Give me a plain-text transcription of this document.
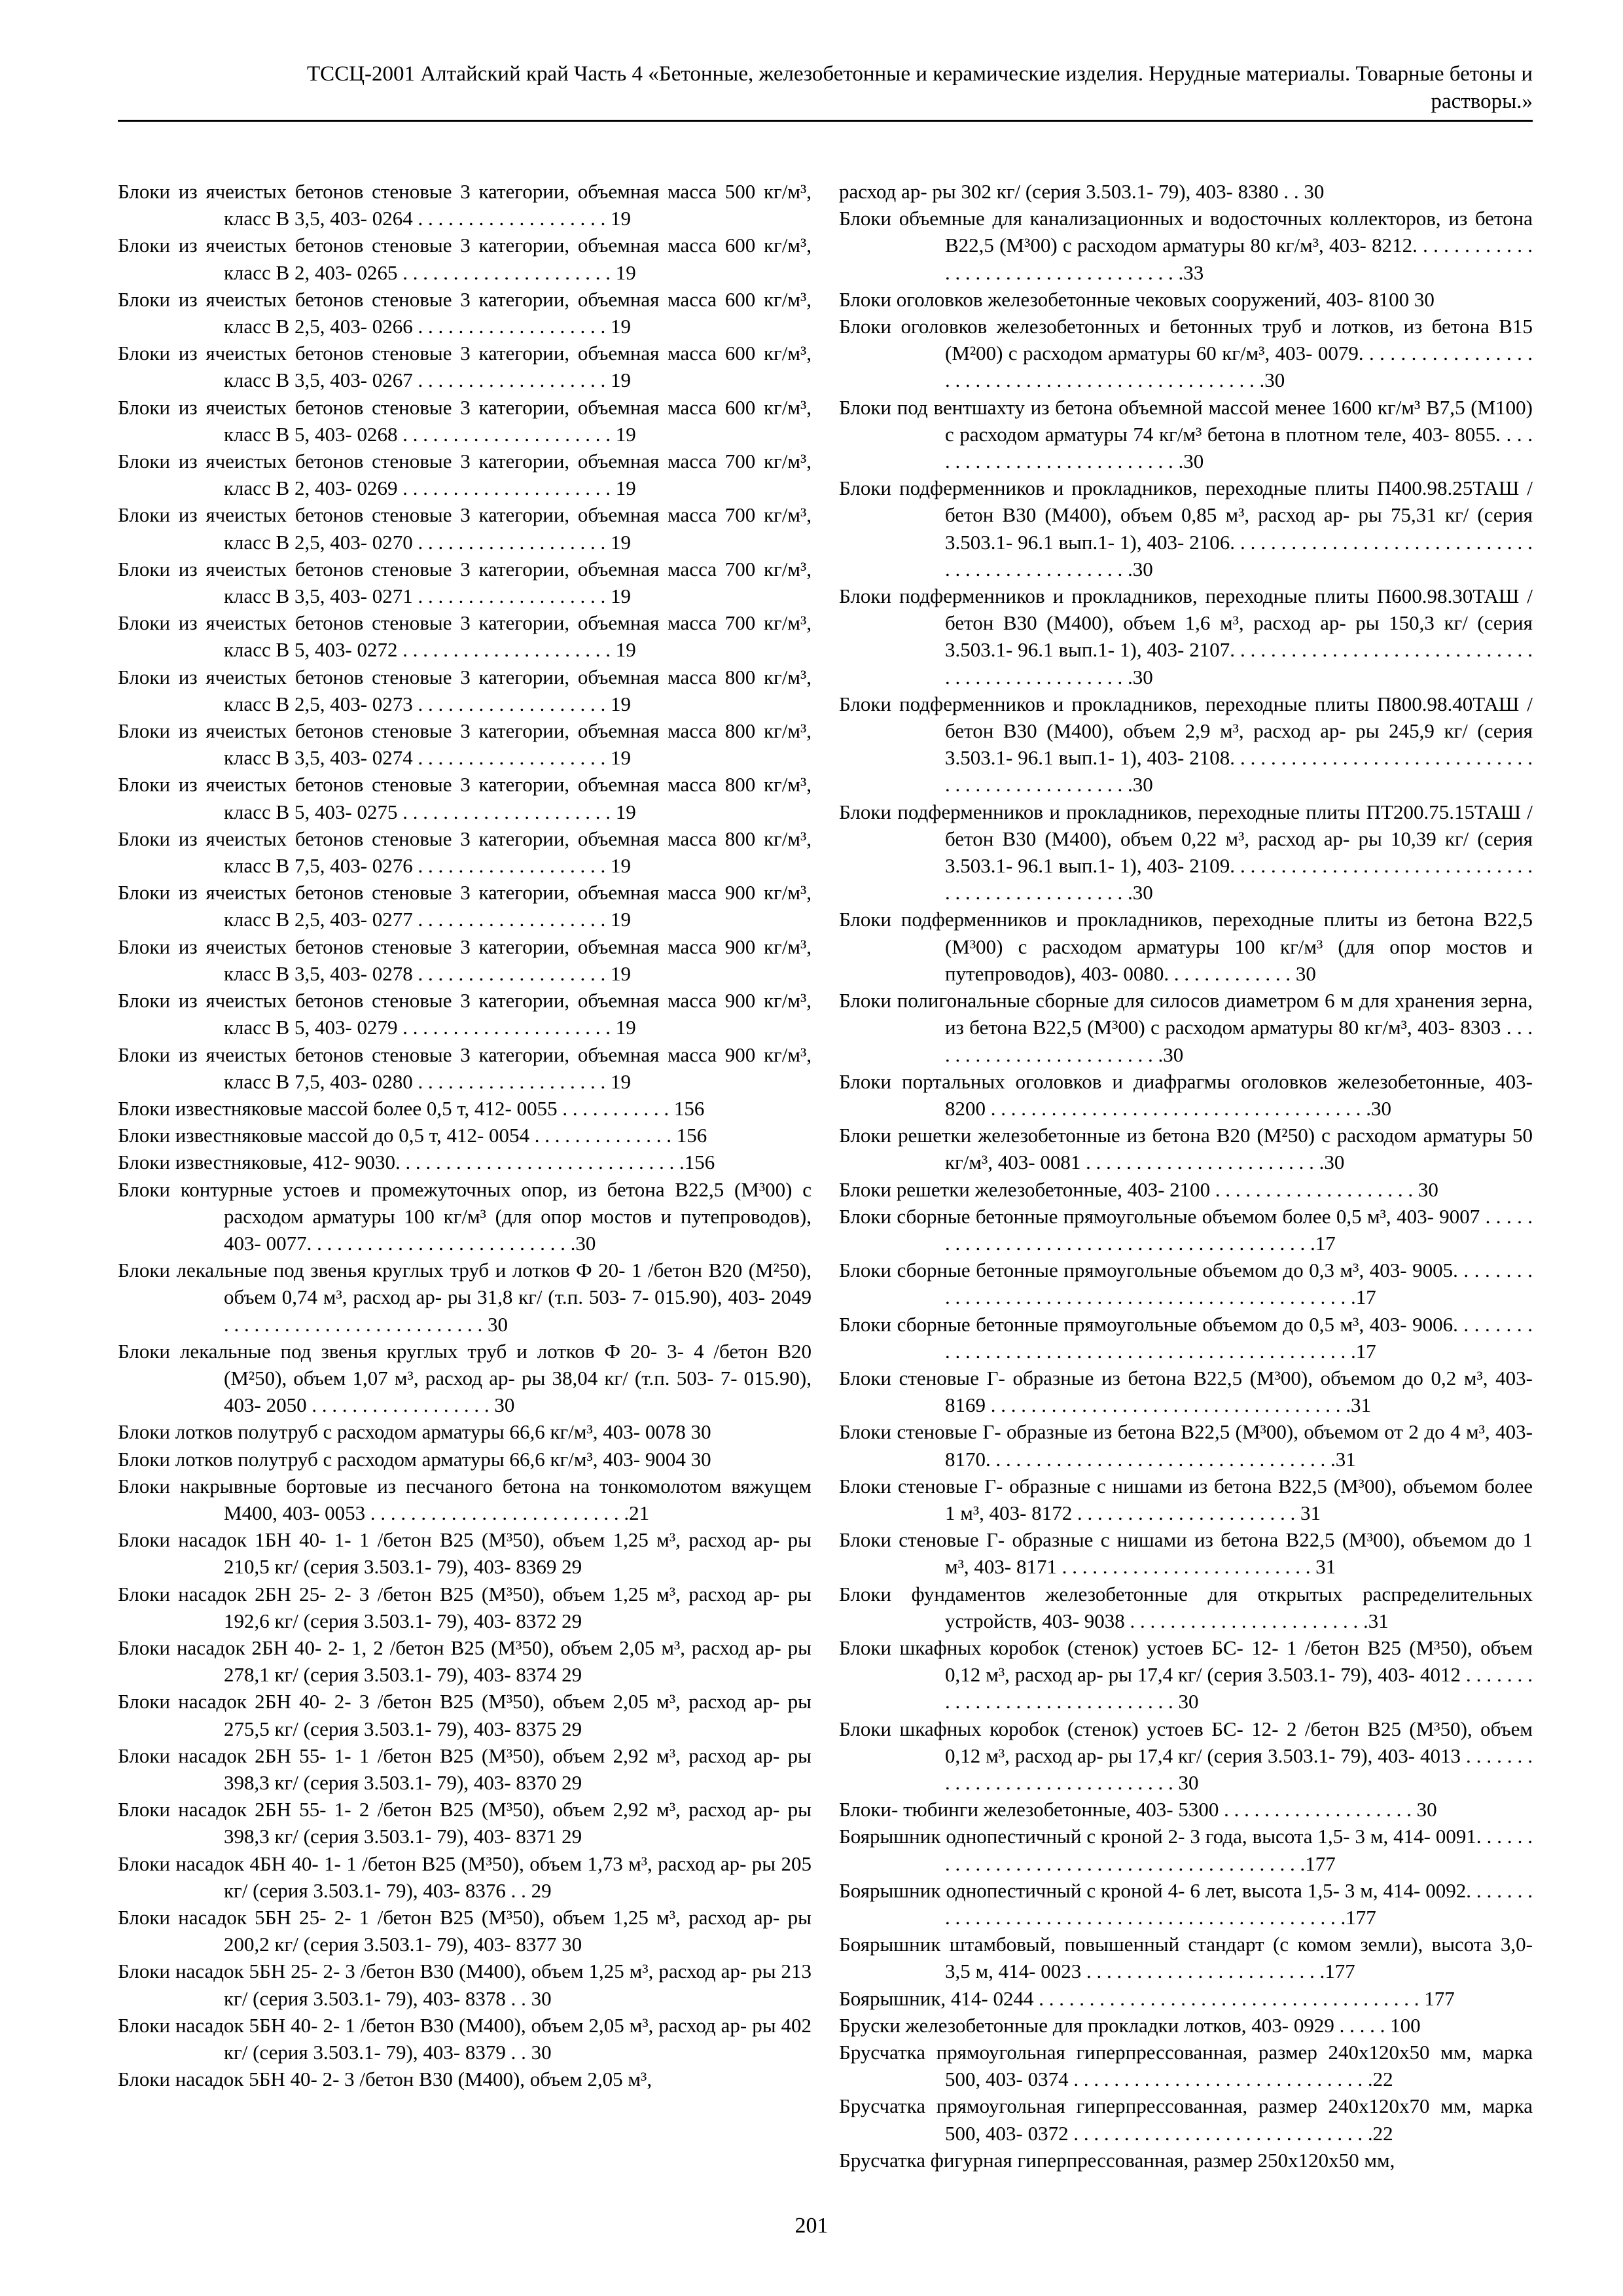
ТССЦ-2001 Алтайский край Часть 4 «Бетонные, железобетонные и керамические изделия. Нерудные материалы. Товарные бетоны и
растворы.»

Блоки из ячеистых бетонов стеновые 3 категории, объемная масса 500 кг/м³, класс В 3,5, 403- 0264 . . . . . . . . . . . . . . . . . . . 19

Блоки из ячеистых бетонов стеновые 3 категории, объемная масса 600 кг/м³, класс В 2, 403- 0265 . . . . . . . . . . . . . . . . . . . . . 19

Блоки из ячеистых бетонов стеновые 3 категории, объемная масса 600 кг/м³, класс В 2,5, 403- 0266 . . . . . . . . . . . . . . . . . . . 19

Блоки из ячеистых бетонов стеновые 3 категории, объемная масса 600 кг/м³, класс В 3,5, 403- 0267 . . . . . . . . . . . . . . . . . . . 19

Блоки из ячеистых бетонов стеновые 3 категории, объемная масса 600 кг/м³, класс В 5, 403- 0268 . . . . . . . . . . . . . . . . . . . . . 19

Блоки из ячеистых бетонов стеновые 3 категории, объемная масса 700 кг/м³, класс В 2, 403- 0269 . . . . . . . . . . . . . . . . . . . . . 19

Блоки из ячеистых бетонов стеновые 3 категории, объемная масса 700 кг/м³, класс В 2,5, 403- 0270 . . . . . . . . . . . . . . . . . . . 19

Блоки из ячеистых бетонов стеновые 3 категории, объемная масса 700 кг/м³, класс В 3,5, 403- 0271 . . . . . . . . . . . . . . . . . . . 19

Блоки из ячеистых бетонов стеновые 3 категории, объемная масса 700 кг/м³, класс В 5, 403- 0272 . . . . . . . . . . . . . . . . . . . . . 19

Блоки из ячеистых бетонов стеновые 3 категории, объемная масса 800 кг/м³, класс В 2,5, 403- 0273 . . . . . . . . . . . . . . . . . . . 19

Блоки из ячеистых бетонов стеновые 3 категории, объемная масса 800 кг/м³, класс В 3,5, 403- 0274 . . . . . . . . . . . . . . . . . . . 19

Блоки из ячеистых бетонов стеновые 3 категории, объемная масса 800 кг/м³, класс В 5, 403- 0275 . . . . . . . . . . . . . . . . . . . . . 19

Блоки из ячеистых бетонов стеновые 3 категории, объемная масса 800 кг/м³, класс В 7,5, 403- 0276 . . . . . . . . . . . . . . . . . . . 19

Блоки из ячеистых бетонов стеновые 3 категории, объемная масса 900 кг/м³, класс В 2,5, 403- 0277 . . . . . . . . . . . . . . . . . . . 19

Блоки из ячеистых бетонов стеновые 3 категории, объемная масса 900 кг/м³, класс В 3,5, 403- 0278 . . . . . . . . . . . . . . . . . . . 19

Блоки из ячеистых бетонов стеновые 3 категории, объемная масса 900 кг/м³, класс В 5, 403- 0279 . . . . . . . . . . . . . . . . . . . . . 19

Блоки из ячеистых бетонов стеновые 3 категории, объемная масса 900 кг/м³, класс В 7,5, 403- 0280 . . . . . . . . . . . . . . . . . . . 19

Блоки известняковые массой более 0,5 т, 412- 0055 . . . . . . . . . . . 156

Блоки известняковые массой до 0,5 т, 412- 0054 . . . . . . . . . . . . . . 156

Блоки известняковые, 412- 9030. . . . . . . . . . . . . . . . . . . . . . . . . . . . .156

Блоки контурные устоев и промежуточных опор, из бетона В22,5 (М³00) с расходом арматуры 100 кг/м³ (для опор мостов и путепроводов), 403- 0077. . . . . . . . . . . . . . . . . . . . . . . . . . .30

Блоки лекальные под звенья круглых труб и лотков Ф 20- 1 /бетон В20 (М²50), объем 0,74 м³, расход ар- ры 31,8 кг/ (т.п. 503- 7- 015.90), 403- 2049 . . . . . . . . . . . . . . . . . . . . . . . . . . 30

Блоки лекальные под звенья круглых труб и лотков Ф 20- 3- 4 /бетон В20 (М²50), объем 1,07 м³, расход ар- ры 38,04 кг/ (т.п. 503- 7- 015.90), 403- 2050 . . . . . . . . . . . . . . . . . . 30

Блоки лотков полутруб с расходом арматуры 66,6 кг/м³, 403- 0078 30

Блоки лотков полутруб с расходом арматуры 66,6 кг/м³, 403- 9004 30

Блоки накрывные бортовые из песчаного бетона на тонкомолотом вяжущем М400, 403- 0053 . . . . . . . . . . . . . . . . . . . . . . . . . .21

Блоки насадок 1БН 40- 1- 1 /бетон В25 (М³50), объем 1,25 м³, расход ар- ры 210,5 кг/ (серия 3.503.1- 79), 403- 8369 29

Блоки насадок 2БН 25- 2- 3 /бетон В25 (М³50), объем 1,25 м³, расход ар- ры 192,6 кг/ (серия 3.503.1- 79), 403- 8372 29

Блоки насадок 2БН 40- 2- 1, 2 /бетон В25 (М³50), объем 2,05 м³, расход ар- ры 278,1 кг/ (серия 3.503.1- 79), 403- 8374 29

Блоки насадок 2БН 40- 2- 3 /бетон В25 (М³50), объем 2,05 м³, расход ар- ры 275,5 кг/ (серия 3.503.1- 79), 403- 8375 29

Блоки насадок 2БН 55- 1- 1 /бетон В25 (М³50), объем 2,92 м³, расход ар- ры 398,3 кг/ (серия 3.503.1- 79), 403- 8370 29

Блоки насадок 2БН 55- 1- 2 /бетон В25 (М³50), объем 2,92 м³, расход ар- ры 398,3 кг/ (серия 3.503.1- 79), 403- 8371 29

Блоки насадок 4БН 40- 1- 1 /бетон В25 (М³50), объем 1,73 м³, расход ар- ры 205 кг/ (серия 3.503.1- 79), 403- 8376 . . 29

Блоки насадок 5БН 25- 2- 1 /бетон В25 (М³50), объем 1,25 м³, расход ар- ры 200,2 кг/ (серия 3.503.1- 79), 403- 8377 30

Блоки насадок 5БН 25- 2- 3 /бетон В30 (М400), объем 1,25 м³, расход ар- ры 213 кг/ (серия 3.503.1- 79), 403- 8378 . . 30

Блоки насадок 5БН 40- 2- 1 /бетон В30 (М400), объем 2,05 м³, расход ар- ры 402 кг/ (серия 3.503.1- 79), 403- 8379 . . 30

Блоки насадок 5БН 40- 2- 3 /бетон В30 (М400), объем 2,05 м³,

расход ар- ры 302 кг/ (серия 3.503.1- 79), 403- 8380 . . 30

Блоки объемные для канализационных и водосточных коллекторов, из бетона В22,5 (М³00) с расходом арматуры 80 кг/м³, 403- 8212. . . . . . . . . . . . . . . . . . . . . . . . . . . . . . . . . . . .33

Блоки оголовков железобетонные чековых сооружений, 403- 8100 30

Блоки оголовков железобетонных и бетонных труб и лотков, из бетона В15 (М²00) с расходом арматуры 60 кг/м³, 403- 0079. . . . . . . . . . . . . . . . . . . . . . . . . . . . . . . . . . . . . . . . . . . . . . . . .30

Блоки под вентшахту из бетона объемной массой менее 1600 кг/м³ В7,5 (М100) с расходом арматуры 74 кг/м³ бетона в плотном теле, 403- 8055. . . . . . . . . . . . . . . . . . . . . . . . . . . .30

Блоки подферменников и прокладников, переходные плиты П400.98.25ТАШ /бетон В30 (М400), объем 0,85 м³, расход ар- ры 75,31 кг/ (серия 3.503.1- 96.1 вып.1- 1), 403- 2106. . . . . . . . . . . . . . . . . . . . . . . . . . . . . . . . . . . . . . . . . . . . . . . . .30

Блоки подферменников и прокладников, переходные плиты П600.98.30ТАШ /бетон В30 (М400), объем 1,6 м³, расход ар- ры 150,3 кг/ (серия 3.503.1- 96.1 вып.1- 1), 403- 2107. . . . . . . . . . . . . . . . . . . . . . . . . . . . . . . . . . . . . . . . . . . . . . . . .30

Блоки подферменников и прокладников, переходные плиты П800.98.40ТАШ /бетон В30 (М400), объем 2,9 м³, расход ар- ры 245,9 кг/ (серия 3.503.1- 96.1 вып.1- 1), 403- 2108. . . . . . . . . . . . . . . . . . . . . . . . . . . . . . . . . . . . . . . . . . . . . . . . .30

Блоки подферменников и прокладников, переходные плиты ПТ200.75.15ТАШ /бетон В30 (М400), объем 0,22 м³, расход ар- ры 10,39 кг/ (серия 3.503.1- 96.1 вып.1- 1), 403- 2109. . . . . . . . . . . . . . . . . . . . . . . . . . . . . . . . . . . . . . . . . . . . . . . . .30

Блоки подферменников и прокладников, переходные плиты из бетона В22,5 (М³00) с расходом арматуры 100 кг/м³ (для опор мостов и путепроводов), 403- 0080. . . . . . . . . . . . . 30

Блоки полигональные сборные для силосов диаметром 6 м для хранения зерна, из бетона В22,5 (М³00) с расходом арматуры 80 кг/м³, 403- 8303 . . . . . . . . . . . . . . . . . . . . . . . . .30

Блоки портальных оголовков и диафрагмы оголовков железобетонные, 403- 8200 . . . . . . . . . . . . . . . . . . . . . . . . . . . . . . . . . . . . . .30

Блоки решетки железобетонные из бетона В20 (М²50) с расходом арматуры 50 кг/м³, 403- 0081 . . . . . . . . . . . . . . . . . . . . . . . .30

Блоки решетки железобетонные, 403- 2100 . . . . . . . . . . . . . . . . . . . . 30

Блоки сборные бетонные прямоугольные объемом более 0,5 м³, 403- 9007 . . . . . . . . . . . . . . . . . . . . . . . . . . . . . . . . . . . . . . . . . .17

Блоки сборные бетонные прямоугольные объемом до 0,3 м³, 403- 9005. . . . . . . . . . . . . . . . . . . . . . . . . . . . . . . . . . . . . . . . . . . . . . . . .17

Блоки сборные бетонные прямоугольные объемом до 0,5 м³, 403- 9006. . . . . . . . . . . . . . . . . . . . . . . . . . . . . . . . . . . . . . . . . . . . . . . . .17

Блоки стеновые Г- образные из бетона В22,5 (М³00), объемом до 0,2 м³, 403- 8169 . . . . . . . . . . . . . . . . . . . . . . . . . . . . . . . . . . . .31

Блоки стеновые Г- образные из бетона В22,5 (М³00), объемом от 2 до 4 м³, 403- 8170. . . . . . . . . . . . . . . . . . . . . . . . . . . . . . . . . . .31

Блоки стеновые Г- образные с нишами из бетона В22,5 (М³00), объемом более 1 м³, 403- 8172 . . . . . . . . . . . . . . . . . . . . . . 31

Блоки стеновые Г- образные с нишами из бетона В22,5 (М³00), объемом до 1 м³, 403- 8171 . . . . . . . . . . . . . . . . . . . . . . . . . 31

Блоки фундаментов железобетонные для открытых распределительных устройств, 403- 9038 . . . . . . . . . . . . . . . . . . . . . . . .31

Блоки шкафных коробок (стенок) устоев БС- 12- 1 /бетон В25 (М³50), объем 0,12 м³, расход ар- ры 17,4 кг/ (серия 3.503.1- 79), 403- 4012 . . . . . . . . . . . . . . . . . . . . . . . . . . . . . . 30

Блоки шкафных коробок (стенок) устоев БС- 12- 2 /бетон В25 (М³50), объем 0,12 м³, расход ар- ры 17,4 кг/ (серия 3.503.1- 79), 403- 4013 . . . . . . . . . . . . . . . . . . . . . . . . . . . . . . 30

Блоки- тюбинги железобетонные, 403- 5300 . . . . . . . . . . . . . . . . . . . 30

Боярышник однопестичный с кроной 2- 3 года, высота 1,5- 3 м, 414- 0091. . . . . . . . . . . . . . . . . . . . . . . . . . . . . . . . . . . . . . . . . .177

Боярышник однопестичный с кроной 4- 6 лет, высота 1,5- 3 м, 414- 0092. . . . . . . . . . . . . . . . . . . . . . . . . . . . . . . . . . . . . . . . . . . . . . .177

Боярышник штамбовый, повышенный стандарт (с комом земли), высота 3,0- 3,5 м, 414- 0023 . . . . . . . . . . . . . . . . . . . . . . . .177

Боярышник, 414- 0244 . . . . . . . . . . . . . . . . . . . . . . . . . . . . . . . . . . . . . . 177

Бруски железобетонные для прокладки лотков, 403- 0929 . . . . . 100

Брусчатка прямоугольная гиперпрессованная, размер 240х120х50 мм, марка 500, 403- 0374 . . . . . . . . . . . . . . . . . . . . . . . . . . . . . .22

Брусчатка прямоугольная гиперпрессованная, размер 240х120х70 мм, марка 500, 403- 0372 . . . . . . . . . . . . . . . . . . . . . . . . . . . . . .22

Брусчатка фигурная гиперпрессованная, размер 250х120х50 мм,

201
